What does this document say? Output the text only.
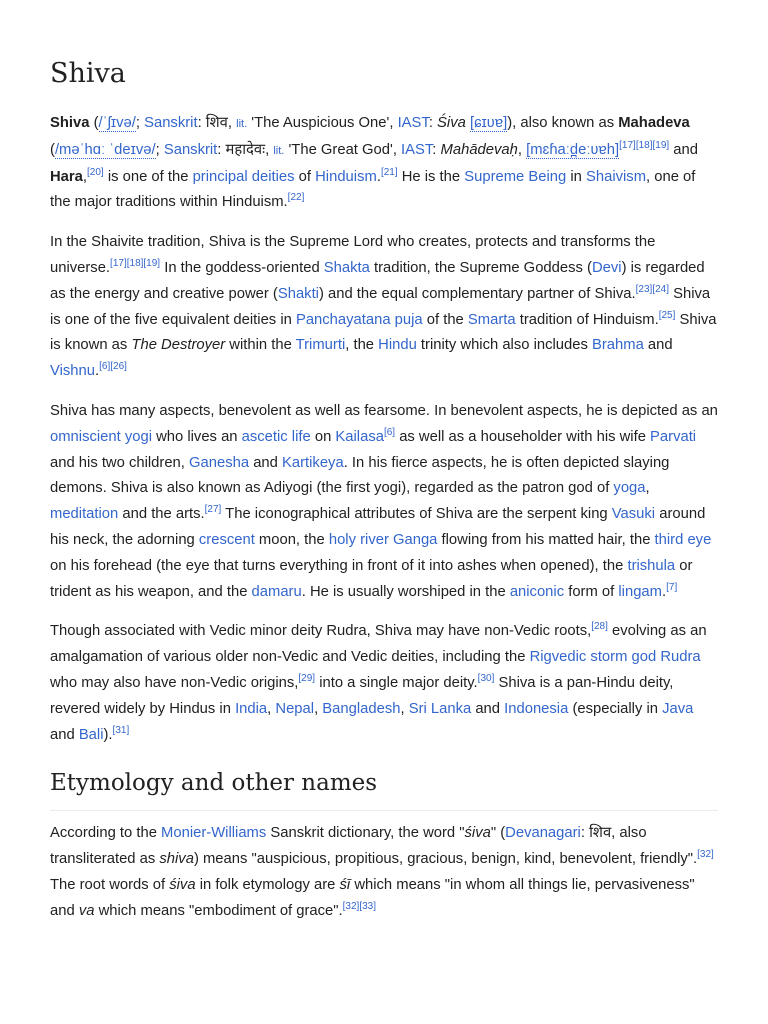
Shiva

Shiva (/ˈʃɪvə/; Sanskrit: शिव, lit. 'The Auspicious One', IAST: Śiva [ɕɪʋɐ]), also known as Mahadeva (/məˈhɑː ˈdeɪvə/; Sanskrit: महादेवः, lit. 'The Great God', IAST: Mahādevaḥ, [mɛɦaːd̪eːʋɐh][17][18][19] and Hara,[20] is one of the principal deities of Hinduism.[21] He is the Supreme Being in Shaivism, one of the major traditions within Hinduism.[22]

In the Shaivite tradition, Shiva is the Supreme Lord who creates, protects and transforms the universe.[17][18][19] In the goddess-oriented Shakta tradition, the Supreme Goddess (Devi) is regarded as the energy and creative power (Shakti) and the equal complementary partner of Shiva.[23][24] Shiva is one of the five equivalent deities in Panchayatana puja of the Smarta tradition of Hinduism.[25] Shiva is known as The Destroyer within the Trimurti, the Hindu trinity which also includes Brahma and Vishnu.[6][26]

Shiva has many aspects, benevolent as well as fearsome. In benevolent aspects, he is depicted as an omniscient yogi who lives an ascetic life on Kailasa[6] as well as a householder with his wife Parvati and his two children, Ganesha and Kartikeya. In his fierce aspects, he is often depicted slaying demons. Shiva is also known as Adiyogi (the first yogi), regarded as the patron god of yoga, meditation and the arts.[27] The iconographical attributes of Shiva are the serpent king Vasuki around his neck, the adorning crescent moon, the holy river Ganga flowing from his matted hair, the third eye on his forehead (the eye that turns everything in front of it into ashes when opened), the trishula or trident as his weapon, and the damaru. He is usually worshiped in the aniconic form of lingam.[7]

Though associated with Vedic minor deity Rudra, Shiva may have non-Vedic roots,[28] evolving as an amalgamation of various older non-Vedic and Vedic deities, including the Rigvedic storm god Rudra who may also have non-Vedic origins,[29] into a single major deity.[30] Shiva is a pan-Hindu deity, revered widely by Hindus in India, Nepal, Bangladesh, Sri Lanka and Indonesia (especially in Java and Bali).[31]

Etymology and other names

According to the Monier-Williams Sanskrit dictionary, the word "śiva" (Devanagari: शिव, also transliterated as shiva) means "auspicious, propitious, gracious, benign, kind, benevolent, friendly".[32] The root words of śiva in folk etymology are śī which means "in whom all things lie, pervasiveness" and va which means "embodiment of grace".[32][33]
